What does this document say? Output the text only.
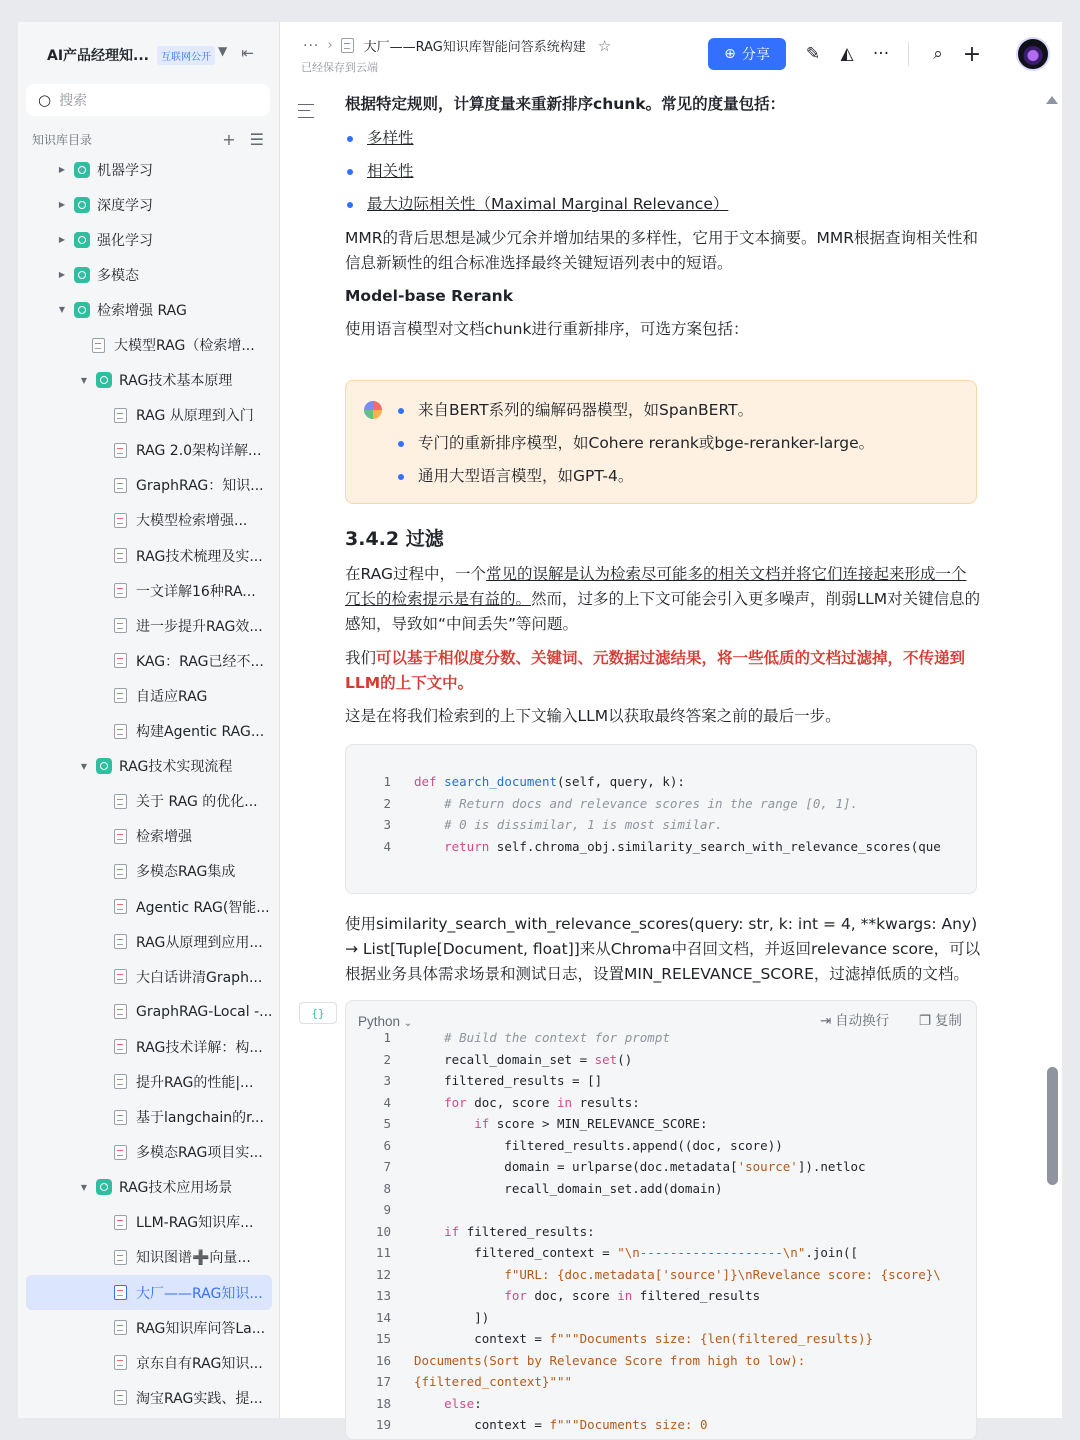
AI产品经理知...	互联网公开 ▼ ⇤
○ 搜索
知识库目录	+ ☰
▶ 机器学习
▶ 深度学习
▶ 强化学习
▶ 多模态
▼ 检索增强 RAG
大模型RAG（检索增...
▼ RAG技术基本原理
RAG 从原理到入门
RAG 2.0架构详解...
GraphRAG：知识...
大模型检索增强...
RAG技术梳理及实...
一文详解16种RA...
进一步提升RAG效...
KAG：RAG已经不...
自适应RAG
构建Agentic RAG...
▼ RAG技术实现流程
关于 RAG 的优化...
检索增强
多模态RAG集成
Agentic RAG(智能...
RAG从原理到应用...
大白话讲清Graph...
GraphRAG-Local -...
RAG技术详解：构...
提升RAG的性能|...
基于langchain的r...
多模态RAG项目实...
▼ RAG技术应用场景
LLM-RAG知识库...
知识图谱➕向量...
大厂——RAG知识...
RAG知识库问答La...
京东自有RAG知识...
淘宝RAG实践、提...
··· › 大厂——RAG知识库智能问答系统构建 ☆
已经保存到云端
⊕ 分享 ✎	◭	···	⌕ +
根据特定规则，计算度量来重新排序chunk。常见的度量包括：
多样性
相关性
最大边际相关性（Maximal Marginal Relevance）
MMR的背后思想是减少冗余并增加结果的多样性，它用于文本摘要。MMR根据查询相关性和信息新颖性的组合标准选择最终关键短语列表中的短语。
Model-base Rerank
使用语言模型对文档chunk进行重新排序，可选方案包括：
来自BERT系列的编解码器模型，如SpanBERT。
专门的重新排序模型，如Cohere rerank或bge-reranker-large。
通用大型语言模型，如GPT-4。
3.4.2 过滤
在RAG过程中，一个常见的误解是认为检索尽可能多的相关文档并将它们连接起来形成一个冗长的检索提示是有益的。然而，过多的上下文可能会引入更多噪声，削弱LLM对关键信息的感知，导致如“中间丢失”等问题。
我们可以基于相似度分数、关键词、元数据过滤结果，将一些低质的文档过滤掉，不传递到LLM的上下文中。
这是在将我们检索到的上下文输入LLM以获取最终答案之前的最后一步。
1 def search_document(self, query, k):
2	# Return docs and relevance scores in the range [0, 1].
3	# 0 is dissimilar, 1 is most similar.
4	return self.chroma_obj.similarity_search_with_relevance_scores(que
使用similarity_search_with_relevance_scores(query: str, k: int = 4, **kwargs: Any) → List[Tuple[Document, float]]来从Chroma中召回文档，并返回relevance score，可以根据业务具体需求场景和测试日志，设置MIN_RELEVANCE_SCORE，过滤掉低质的文档。
{}
Python ⌄	⇥ 自动换行 ❐ 复制
1	# Build the context for prompt
2 recall_domain_set = set()
3 filtered_results = []
4	for doc, score in results:
5	if score > MIN_RELEVANCE_SCORE:
6 filtered_results.append((doc, score))
7 domain = urlparse(doc.metadata['source']).netloc
8 recall_domain_set.add(domain)
9
10	if filtered_results:
11 filtered_context = "\n-------------------\n".join([
12	f"URL: {doc.metadata['source']}\nRevelance score: {score}\
13	for doc, score in filtered_results
14 ])
15 context = f"""Documents size: {len(filtered_results)}
16 Documents(Sort by Relevance Score from high to low):
17 {filtered_context}"""
18	else:
19 context = f"""Documents size: 0
